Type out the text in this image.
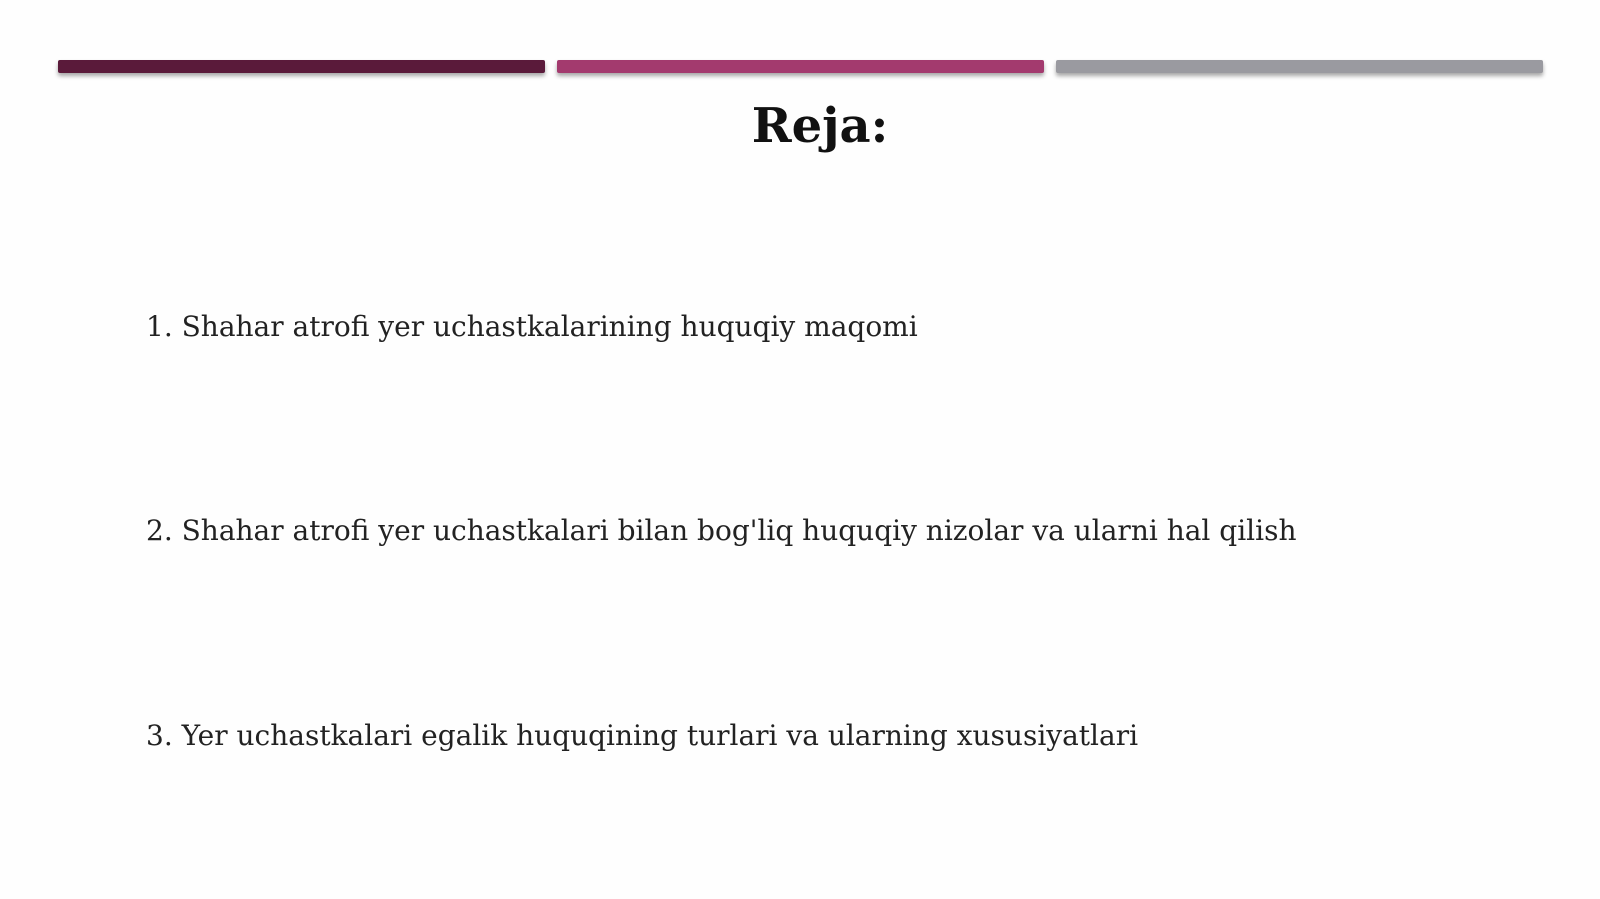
Reja:
1. Shahar atrofi yer uchastkalarining huquqiy maqomi
2. Shahar atrofi yer uchastkalari bilan bog'liq huquqiy nizolar va ularni hal qilish
3. Yer uchastkalari egalik huquqining turlari va ularning xususiyatlari
